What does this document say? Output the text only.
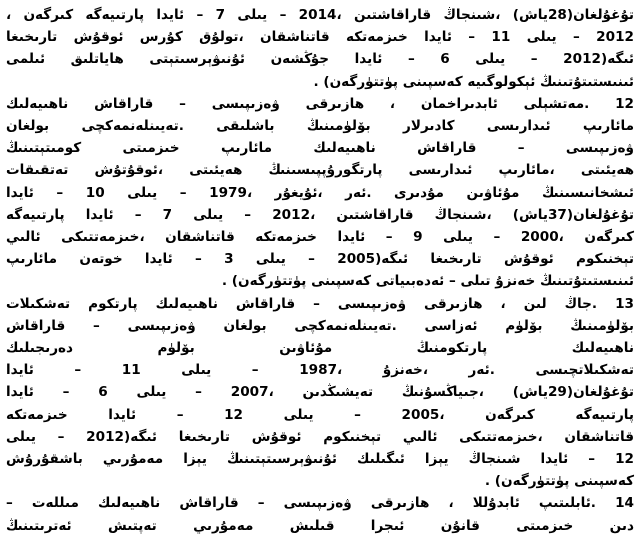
تۇغۇلغان(28ياش) ،شىنجاڭ قاراقاشتىن ،2014 – يىلى 7 – ئايدا پارتىيەگە كىرگەن ،
2012 – يىلى 11 – ئايدا خىزمەتكە قاتناشقان ،تولۇق كۇرس ئوقۇش تارىخىغا
ئىگە(2012 – يىلى 6 – ئايدا جۇڭشەن ئۇنىۋېرسىتېتى ھاياتلىق ئىلمى
ئىنىستىتۇتىنىڭ ئېكولوگىيە كەسپىنى پۈتتۈرگەن) .
12 .مەتشېلى ئابدىراخمان ، ھازىرقى ۋەزىپىسى – قاراقاش ناھىيەلىك
مائارىپ ئىدارىسى كادىرلار بۆلۈمىنىڭ باشلىقى .تەيىنلەنمەكچى بولغان
ۋەزىپىسى – قاراقاش ناھىيەلىك مائارىپ خىزمىتى كومىتېتىنىڭ
ھەيئىتى ،مائارىپ ئىدارىسى پارتگورۇپپىسىنىڭ ھەيئىتى ،ئوقۇتۇش تەتقىقات
ئىشخانىسىنىڭ مۇئاۋىن مۇدىرى .ئەر ،ئۇيغۇر ،1979 – يىلى 10 – ئايدا
تۇغۇلغان(37ياش) ،شىنجاڭ قاراقاشتىن ،2012 – يىلى 7 – ئايدا پارتىيەگە
كىرگەن ،2000 – يىلى 9 – ئايدا خىزمەتكە قاتناشقان ،خىزمەتتىكى ئالىي
تېخنىكوم ئوقۇش تارىخىغا ئىگە(2005 – يىلى 3 – ئايدا خوتەن مائارىپ
ئىنىستىتۇتىنىڭ خەنزۇ تىلى – ئەدەبىياتى كەسپىنى پۈتتۈرگەن) .
13 .جاڭ لىن ، ھازىرقى ۋەزىپىسى – قاراقاش ناھىيەلىك پارتكوم تەشكىلات
بۆلۈمىنىڭ بۆلۈم ئەزاسى .تەيىنلەنمەكچى بولغان ۋەزىپىسى – قاراقاش
ناھىيەلىك پارتكومنىڭ مۇئاۋىن بۆلۈم دەرىجىلىك
تەشكىلاتچىسى .ئەر ،خەنزۇ ،1987 – يىلى 11 – ئايدا
تۇغۇلغان(29ياش) ،جىياڭسۇنىڭ تەيشىڭدىن ،2007 – يىلى 6 – ئايدا
پارتىيەگە كىرگەن ،2005 – يىلى 12 – ئايدا خىزمەتكە
قاتناشقان ،خىزمەتتىكى ئالىي تېخنىكوم ئوقۇش تارىخىغا ئىگە(2012 – يىلى
12 – ئايدا شىنجاڭ يېزا ئىگىلىك ئۇنىۋېرسىتېتىنىڭ يېزا مەمۇرىي باشقۇرۇش
كەسپىنى پۈتتۈرگەن) .
14 .ئابلىتىپ ئابدۇللا ، ھازىرقى ۋەزىپىسى – قاراقاش ناھىيەلىك مىللەت –
دىن خىزمىتى قانۇن ئىجرا قىلىش مەمۇرىي تەپتىش ئەترىتىنىڭ
